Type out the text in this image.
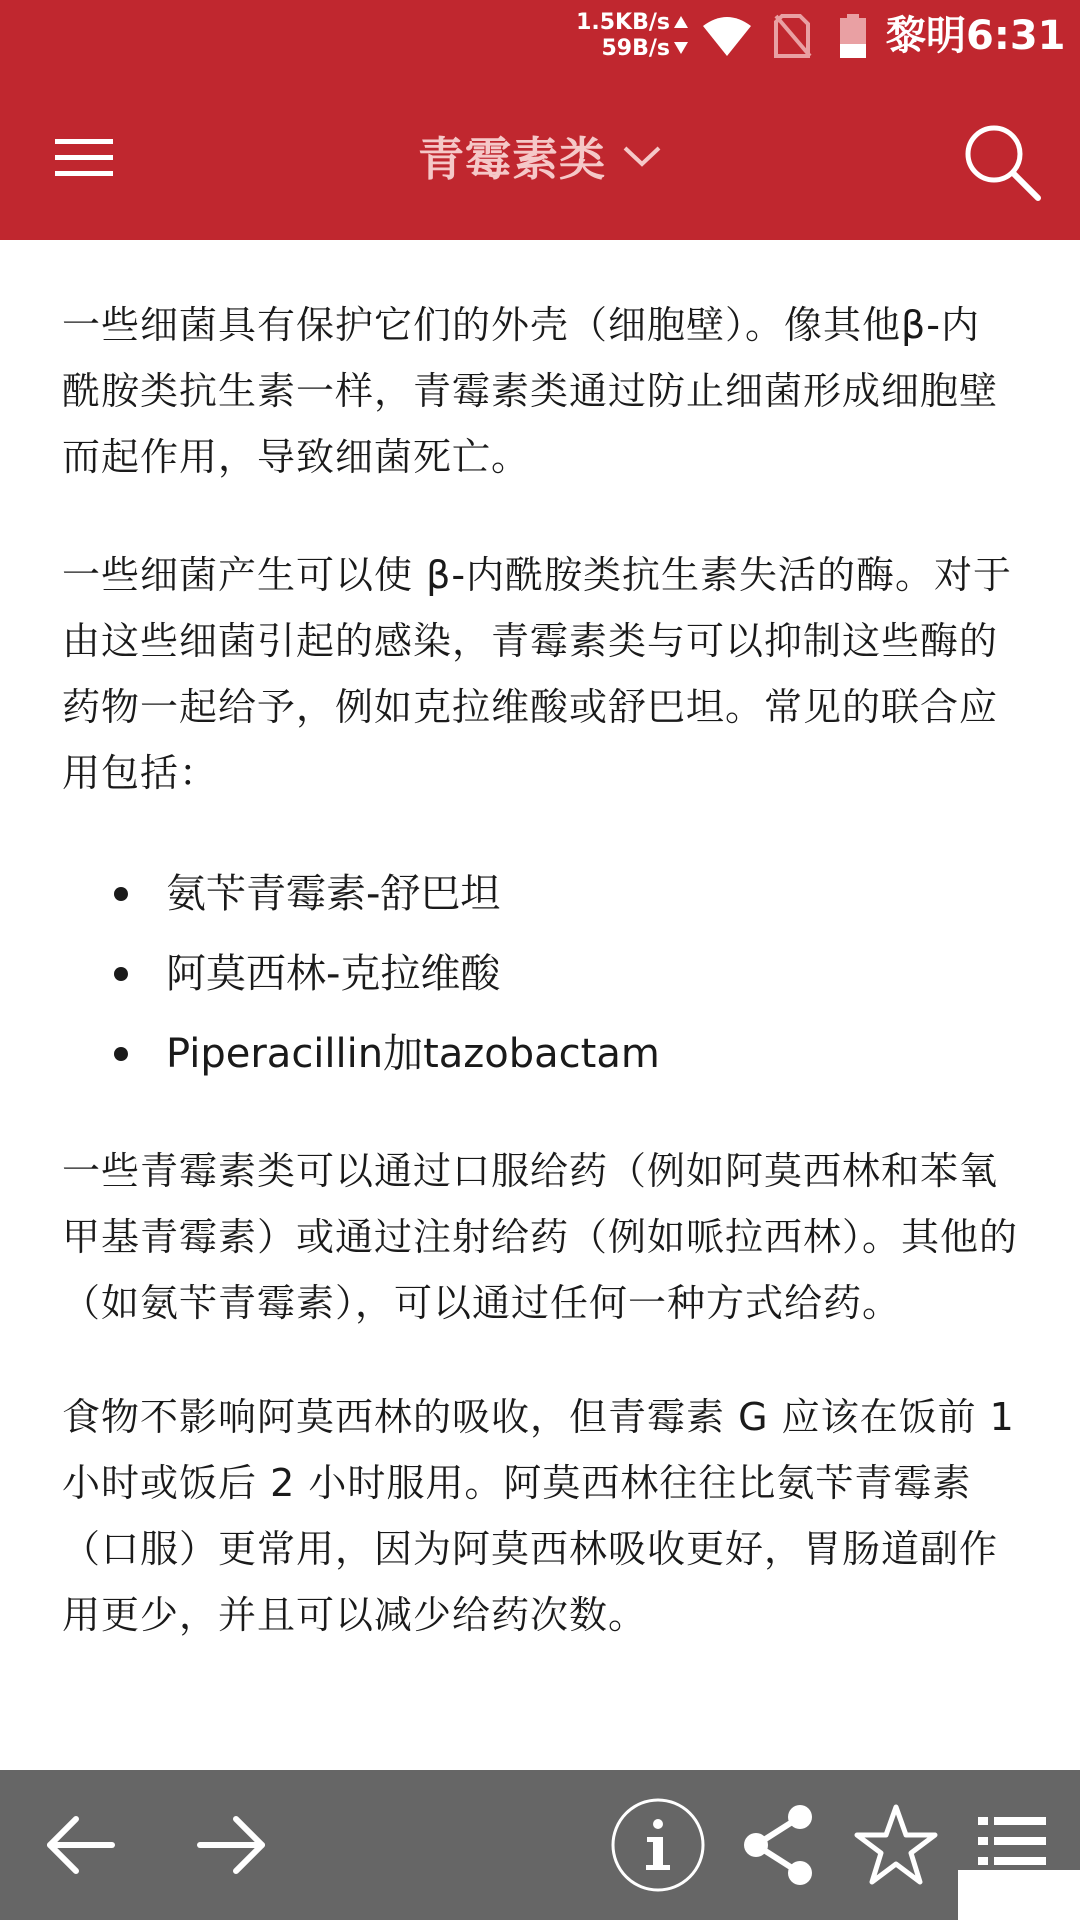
1.5KB/s
59B/s	黎明6:31
青霉素类

一些细菌具有保护它们的外壳（细胞壁）。像其他β-内酰胺类抗生素一样，青霉素类通过防止细菌形成细胞壁而起作用，导致细菌死亡。

一些细菌产生可以使 β-内酰胺类抗生素失活的酶。对于由这些细菌引起的感染，青霉素类与可以抑制这些酶的药物一起给予，例如克拉维酸或舒巴坦。常见的联合应用包括：

氨苄青霉素-舒巴坦
阿莫西林-克拉维酸
Piperacillin加tazobactam

一些青霉素类可以通过口服给药（例如阿莫西林和苯氧甲基青霉素）或通过注射给药（例如哌拉西林）。其他的（如氨苄青霉素），可以通过任何一种方式给药。

食物不影响阿莫西林的吸收，但青霉素 G 应该在饭前 1 小时或饭后 2 小时服用。阿莫西林往往比氨苄青霉素（口服）更常用，因为阿莫西林吸收更好，胃肠道副作用更少，并且可以减少给药次数。
